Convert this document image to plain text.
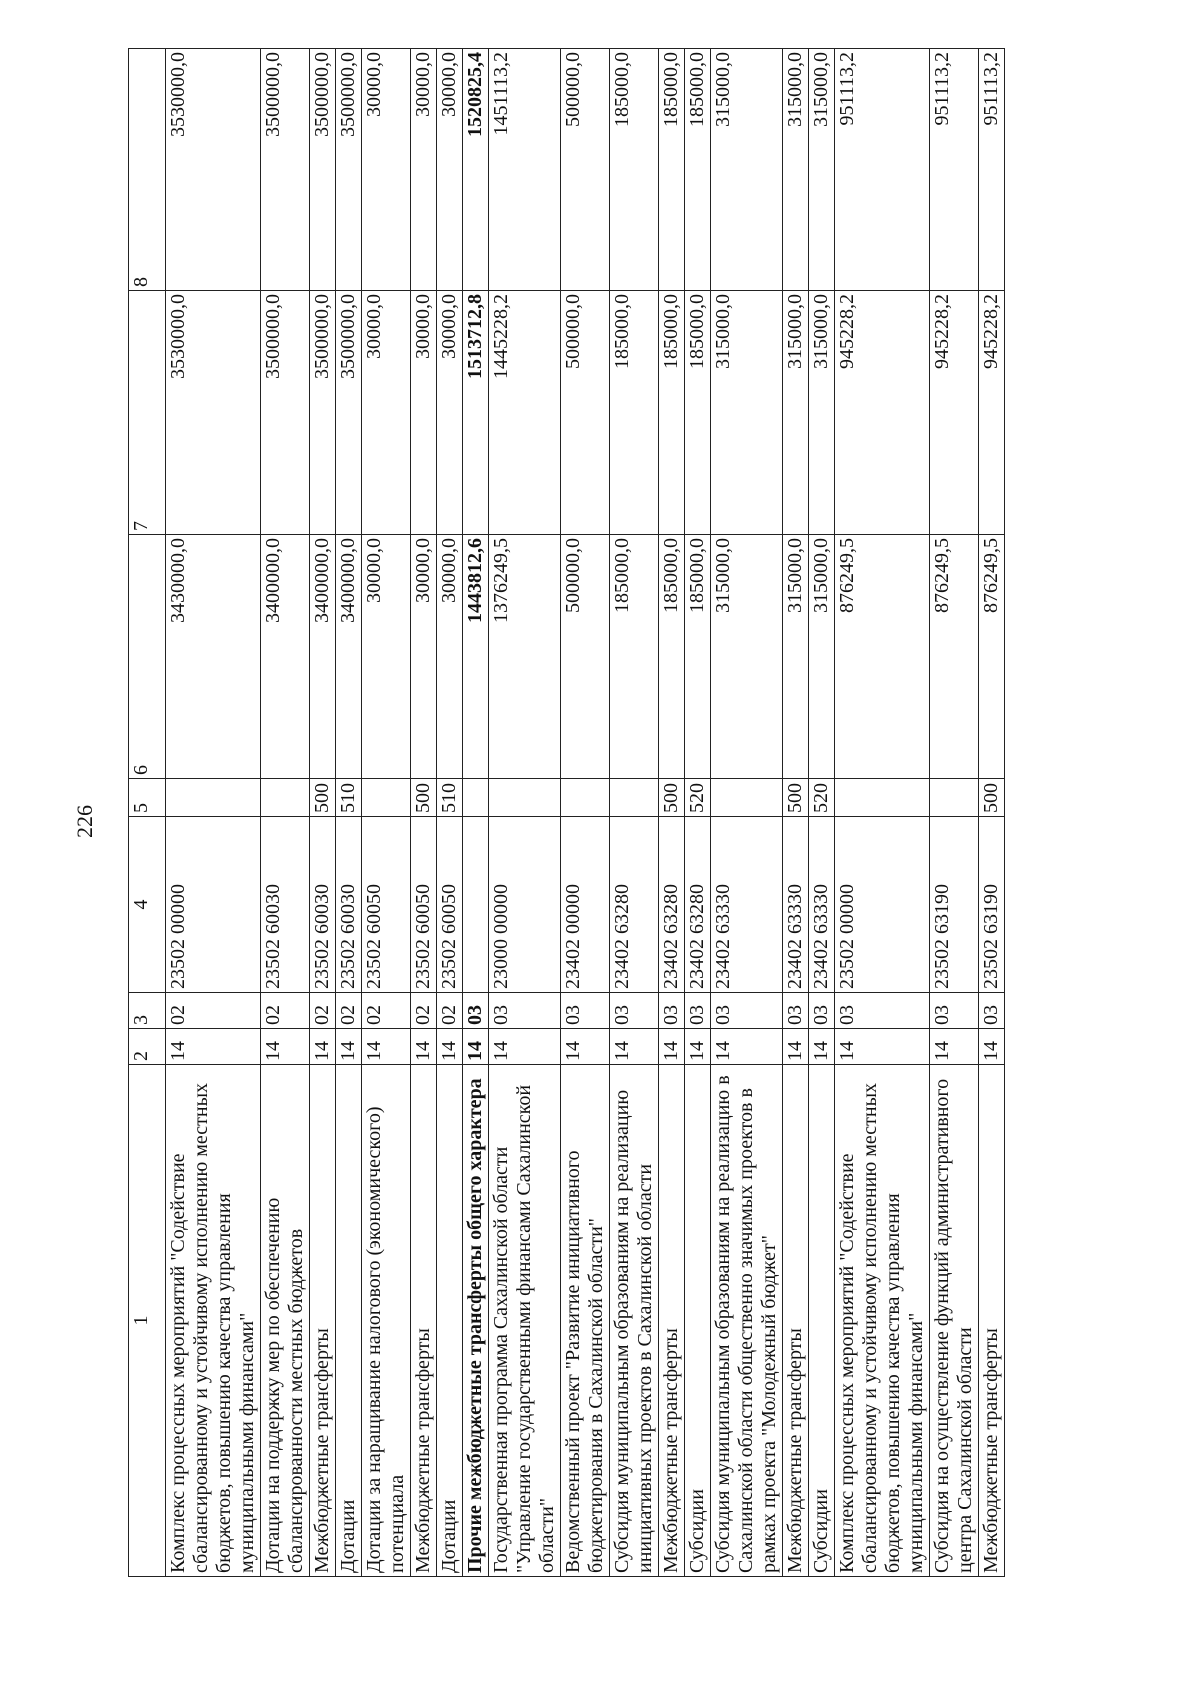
226
1	2	3	4	5	6	7	8
Комплекс процессных мероприятий "Содействие сбалансированному и устойчивому исполнению местных бюджетов, повышению качества управления муниципальными финансами"	14	02	23502 00000		3430000,0	3530000,0	3530000,0
Дотации на поддержку мер по обеспечению сбалансированности местных бюджетов	14	02	23502 60030		3400000,0	3500000,0	3500000,0
Межбюджетные трансферты	14	02	23502 60030	500	3400000,0	3500000,0	3500000,0
Дотации	14	02	23502 60030	510	3400000,0	3500000,0	3500000,0
Дотации за наращивание налогового (экономического) потенциала	14	02	23502 60050		30000,0	30000,0	30000,0
Межбюджетные трансферты	14	02	23502 60050	500	30000,0	30000,0	30000,0
Дотации	14	02	23502 60050	510	30000,0	30000,0	30000,0
Прочие межбюджетные трансферты общего характера	14	03			1443812,6	1513712,8	1520825,4
Государственная программа Сахалинской области "Управление государственными финансами Сахалинской области"	14	03	23000 00000		1376249,5	1445228,2	1451113,2
Ведомственный проект "Развитие инициативного бюджетирования в Сахалинской области"	14	03	23402 00000		500000,0	500000,0	500000,0
Субсидия муниципальным образованиям на реализацию инициативных проектов в Сахалинской области	14	03	23402 63280		185000,0	185000,0	185000,0
Межбюджетные трансферты	14	03	23402 63280	500	185000,0	185000,0	185000,0
Субсидии	14	03	23402 63280	520	185000,0	185000,0	185000,0
Субсидия муниципальным образованиям на реализацию в Сахалинской области общественно значимых проектов в рамках проекта "Молодежный бюджет"	14	03	23402 63330		315000,0	315000,0	315000,0
Межбюджетные трансферты	14	03	23402 63330	500	315000,0	315000,0	315000,0
Субсидии	14	03	23402 63330	520	315000,0	315000,0	315000,0
Комплекс процессных мероприятий "Содействие сбалансированному и устойчивому исполнению местных бюджетов, повышению качества управления муниципальными финансами"	14	03	23502 00000		876249,5	945228,2	951113,2
Субсидия на осуществление функций административного центра Сахалинской области	14	03	23502 63190		876249,5	945228,2	951113,2
Межбюджетные трансферты	14	03	23502 63190	500	876249,5	945228,2	951113,2
